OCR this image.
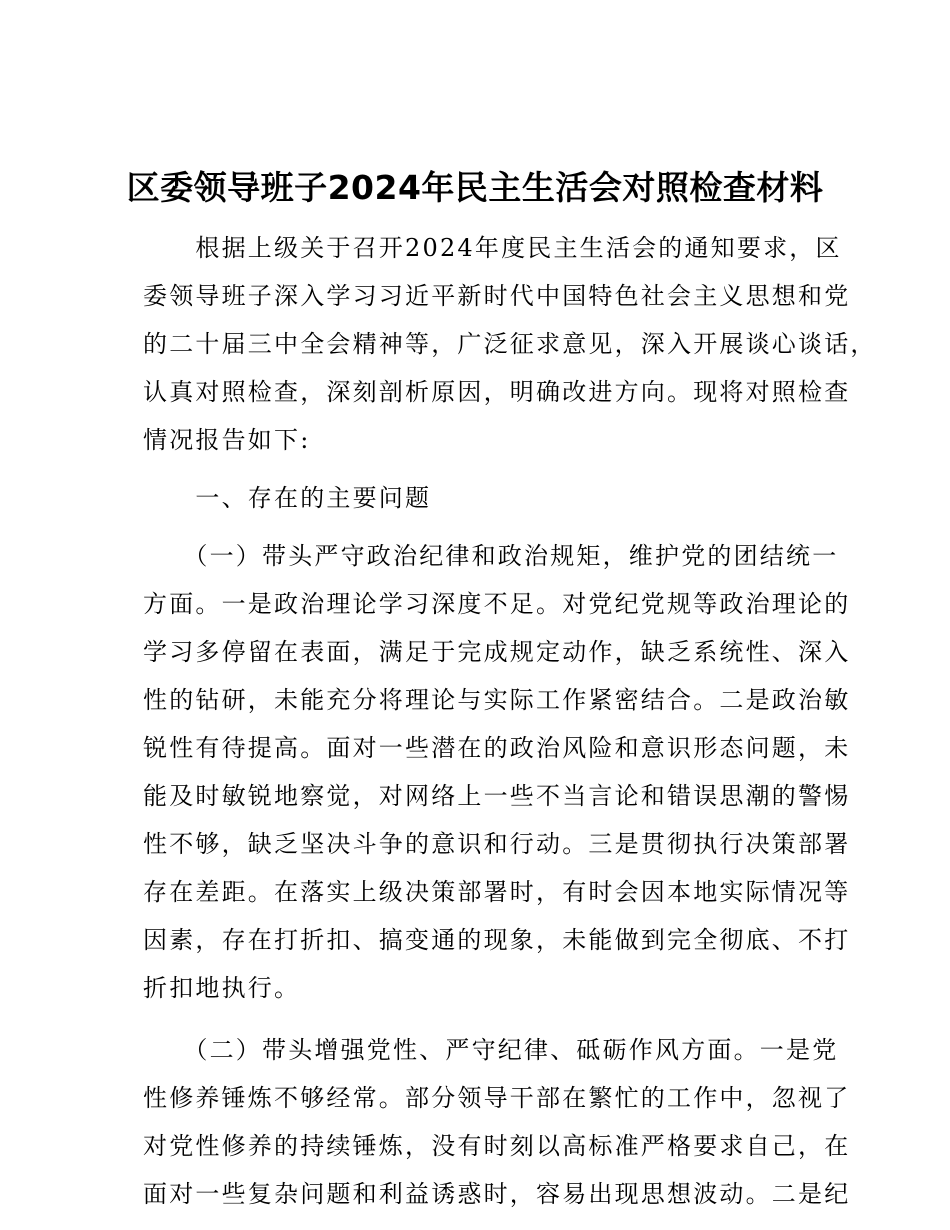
区委领导班子2024年民主生活会对照检查材料
　　根据上级关于召开2024年度民主生活会的通知要求，区
委领导班子深入学习习近平新时代中国特色社会主义思想和党
的二十届三中全会精神等，广泛征求意见，深入开展谈心谈话，
认真对照检查，深刻剖析原因，明确改进方向。现将对照检查
情况报告如下:
　　一、存在的主要问题
　　（一）带头严守政治纪律和政治规矩，维护党的团结统一
方面。一是政治理论学习深度不足。对党纪党规等政治理论的
学习多停留在表面，满足于完成规定动作，缺乏系统性、深入
性的钻研，未能充分将理论与实际工作紧密结合。二是政治敏
锐性有待提高。面对一些潜在的政治风险和意识形态问题，未
能及时敏锐地察觉，对网络上一些不当言论和错误思潮的警惕
性不够，缺乏坚决斗争的意识和行动。三是贯彻执行决策部署
存在差距。在落实上级决策部署时，有时会因本地实际情况等
因素，存在打折扣、搞变通的现象，未能做到完全彻底、不打
折扣地执行。
　　（二）带头增强党性、严守纪律、砥砺作风方面。一是党
性修养锤炼不够经常。部分领导干部在繁忙的工作中，忽视了
对党性修养的持续锤炼，没有时刻以高标准严格要求自己，在
面对一些复杂问题和利益诱惑时，容易出现思想波动。二是纪
